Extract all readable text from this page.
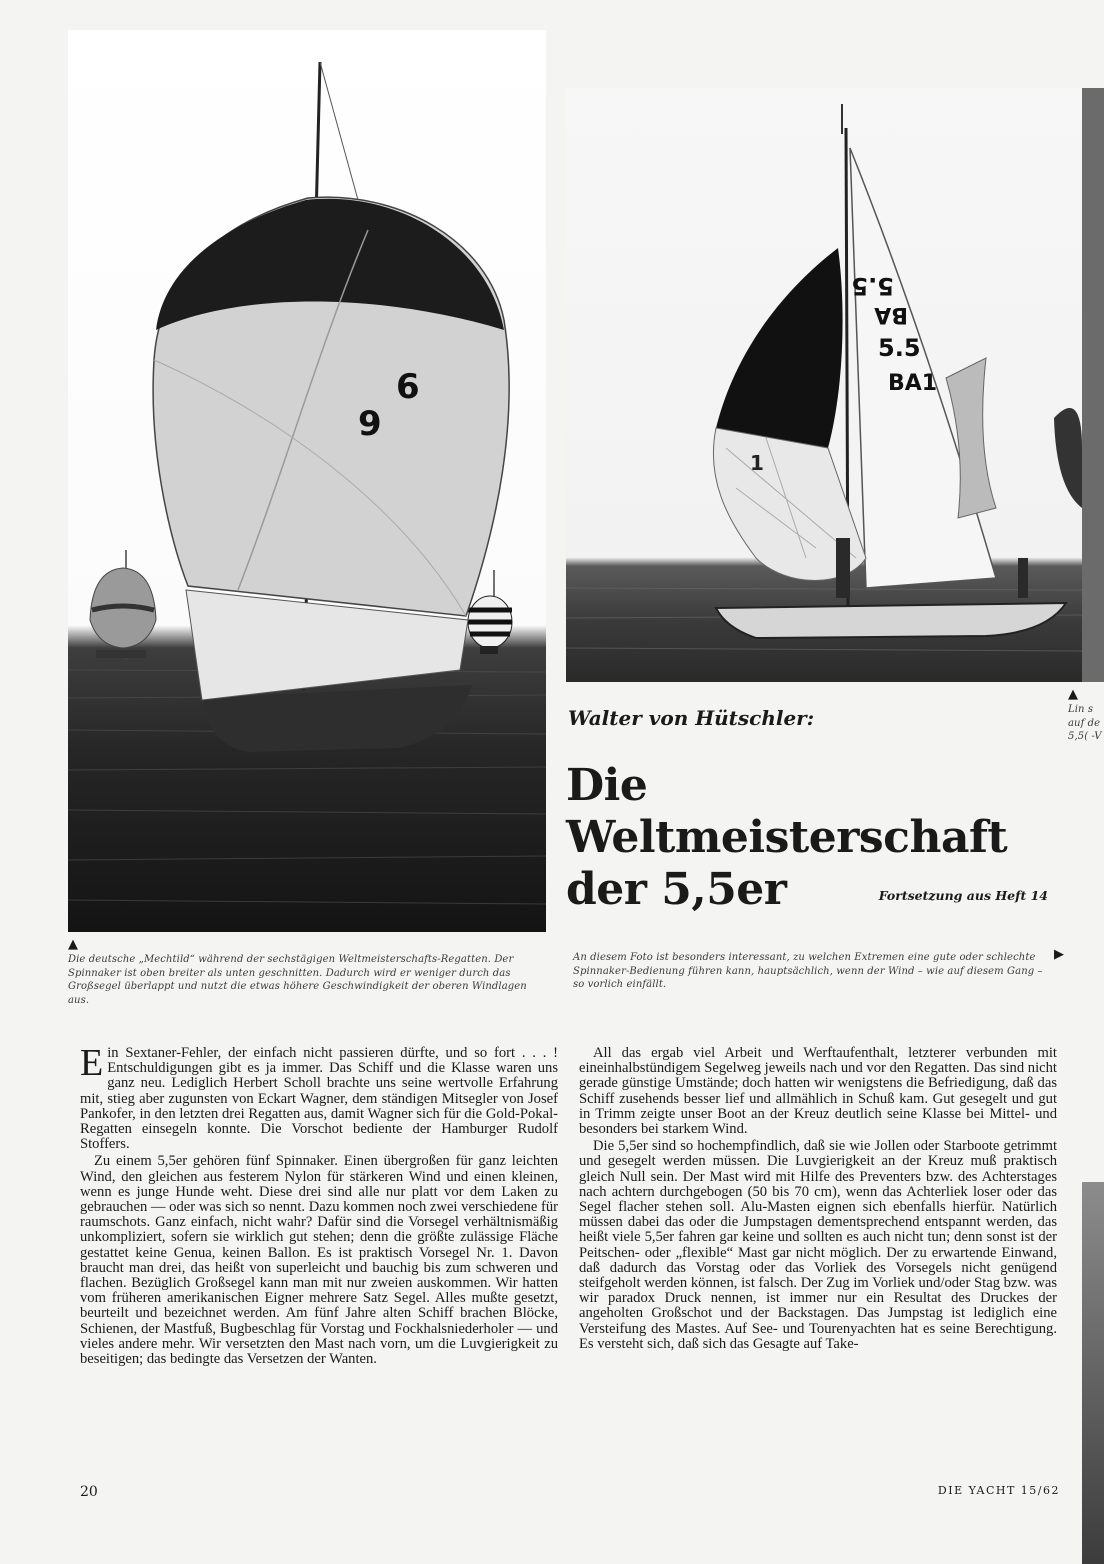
6
9
5.5
BA
5.5
BA1
1
▲
Die deutsche „Mechtild“ während der sechstägigen Weltmeisterschafts-Regatten. Der Spinnaker ist oben breiter als unten geschnitten. Dadurch wird er weniger durch das Großsegel überlappt und nutzt die etwas höhere Geschwindigkeit der oberen Windlagen aus.
▶
An diesem Foto ist besonders interessant, zu welchen Extremen eine gute oder schlechte Spinnaker-Bedienung führen kann, hauptsächlich, wenn der Wind – wie auf diesem Gang – so vorlich einfällt.
▲
Lin s
auf de
5,5( -V
Walter von Hütschler:
Die Weltmeisterschaft der 5,5er	Fortsetzung aus Heft 14

Ein Sextaner-Fehler, der einfach nicht passieren dürfte, und so fort . . . ! Entschuldigungen gibt es ja immer. Das Schiff und die Klasse waren uns ganz neu. Lediglich Herbert Scholl brachte uns seine wertvolle Erfahrung mit, stieg aber zugunsten von Eckart Wagner, dem ständigen Mitsegler von Josef Pankofer, in den letzten drei Regatten aus, damit Wagner sich für die Gold-Pokal-Regatten einsegeln konnte. Die Vorschot bediente der Hamburger Rudolf Stoffers.

Zu einem 5,5er gehören fünf Spinnaker. Einen übergroßen für ganz leichten Wind, den gleichen aus festerem Nylon für stärkeren Wind und einen kleinen, wenn es junge Hunde weht. Diese drei sind alle nur platt vor dem Laken zu gebrauchen — oder was sich so nennt. Dazu kommen noch zwei verschiedene für raumschots. Ganz einfach, nicht wahr? Dafür sind die Vorsegel verhältnismäßig unkompliziert, sofern sie wirklich gut stehen; denn die größte zulässige Fläche gestattet keine Genua, keinen Ballon. Es ist praktisch Vorsegel Nr. 1. Davon braucht man drei, das heißt von superleicht und bauchig bis zum schweren und flachen. Bezüglich Großsegel kann man mit nur zweien auskommen. Wir hatten vom früheren amerikanischen Eigner mehrere Satz Segel. Alles mußte gesetzt, beurteilt und bezeichnet werden. Am fünf Jahre alten Schiff brachen Blöcke, Schienen, der Mastfuß, Bugbeschlag für Vorstag und Fockhalsniederholer — und vieles andere mehr. Wir versetzten den Mast nach vorn, um die Luvgierigkeit zu beseitigen; das bedingte das Versetzen der Wanten.

All das ergab viel Arbeit und Werftaufenthalt, letzterer verbunden mit eineinhalbstündigem Segelweg jeweils nach und vor den Regatten. Das sind nicht gerade günstige Umstände; doch hatten wir wenigstens die Befriedigung, daß das Schiff zusehends besser lief und allmählich in Schuß kam. Gut gesegelt und gut in Trimm zeigte unser Boot an der Kreuz deutlich seine Klasse bei Mittel- und besonders bei starkem Wind.

Die 5,5er sind so hochempfindlich, daß sie wie Jollen oder Starboote getrimmt und gesegelt werden müssen. Die Luvgierigkeit an der Kreuz muß praktisch gleich Null sein. Der Mast wird mit Hilfe des Preventers bzw. des Achterstages nach achtern durchgebogen (50 bis 70 cm), wenn das Achterliek loser oder das Segel flacher stehen soll. Alu-Masten eignen sich ebenfalls hierfür. Natürlich müssen dabei das oder die Jumpstagen dementsprechend entspannt werden, das heißt viele 5,5er fahren gar keine und sollten es auch nicht tun; denn sonst ist der Peitschen- oder „flexible“ Mast gar nicht möglich. Der zu erwartende Einwand, daß dadurch das Vorstag oder das Vorliek des Vorsegels nicht genügend steifgeholt werden können, ist falsch. Der Zug im Vorliek und/oder Stag bzw. was wir paradox Druck nennen, ist immer nur ein Resultat des Druckes der angeholten Großschot und der Backstagen. Das Jumpstag ist lediglich eine Versteifung des Mastes. Auf See- und Tourenyachten hat es seine Berechtigung. Es versteht sich, daß sich das Gesagte auf Take-

20	DIE YACHT 15/62
